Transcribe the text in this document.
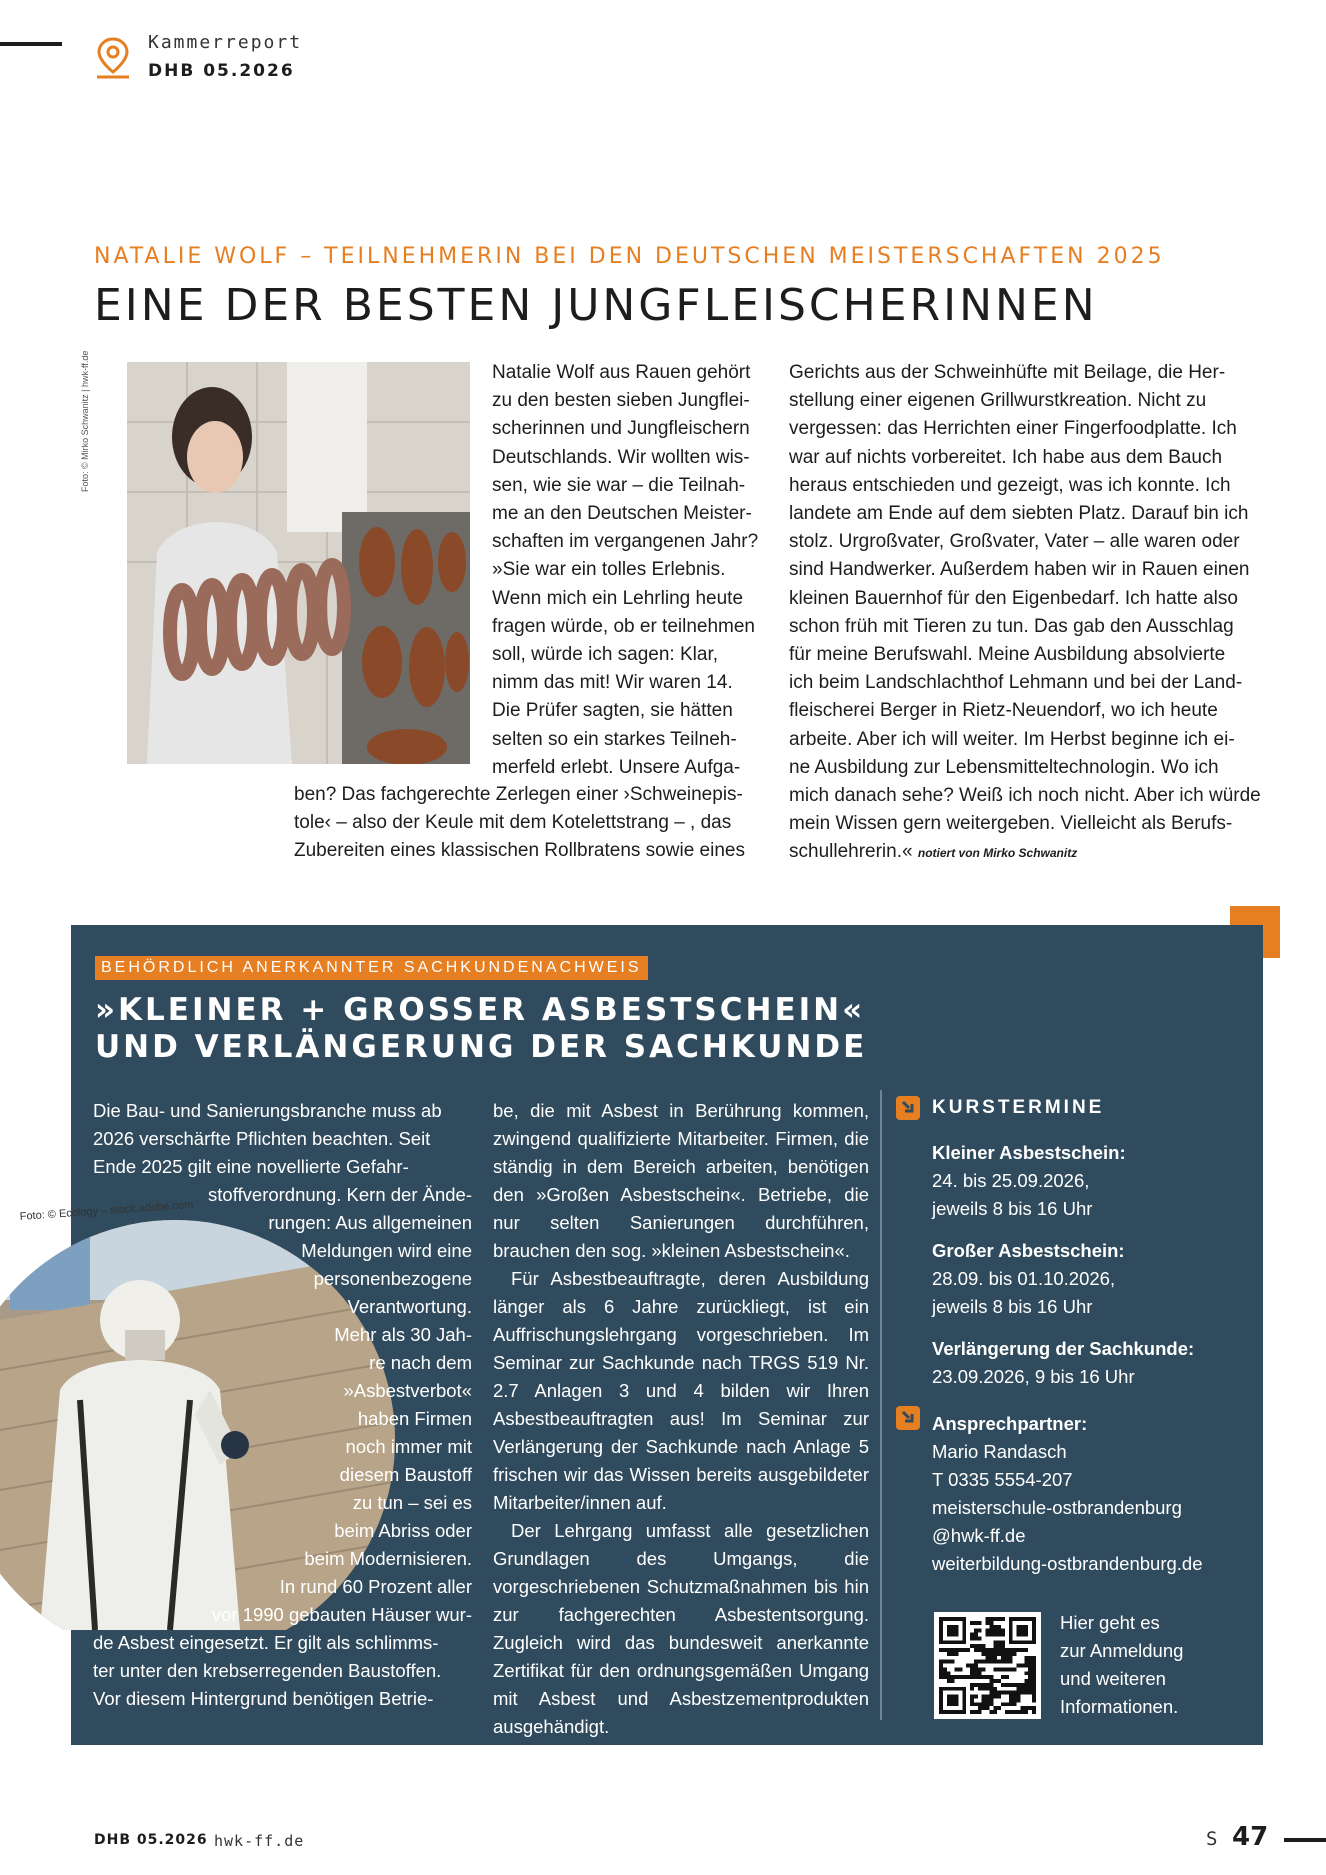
Kammerreport
DHB 05.2026
NATALIE WOLF – TEILNEHMERIN BEI DEN DEUTSCHEN MEISTERSCHAFTEN 2025
EINE DER BESTEN JUNGFLEISCHERINNEN
Foto: © Mirko Schwanitz | hwk-ff.de	Natalie Wolf aus Rauen gehört
zu den besten sieben Jungflei-
scherinnen und Jungfleischern
Deutschlands. Wir wollten wis-
sen, wie sie war – die Teilnah-
me an den Deutschen Meister-
schaften im vergangenen Jahr?
»Sie war ein tolles Erlebnis.
Wenn mich ein Lehrling heute
fragen würde, ob er teilnehmen
soll, würde ich sagen: Klar,
nimm das mit! Wir waren 14.
Die Prüfer sagten, sie hätten
selten so ein starkes Teilneh-
merfeld erlebt. Unsere Aufga-
ben? Das fachgerechte Zerlegen einer ›Schweinepis-
tole‹ – also der Keule mit dem Kotelettstrang – , das
Zubereiten eines klassischen Rollbratens sowie eines
Gerichts aus der Schweinhüfte mit Beilage, die Her-
stellung einer eigenen Grillwurstkreation. Nicht zu
vergessen: das Herrichten einer Fingerfoodplatte. Ich
war auf nichts vorbereitet. Ich habe aus dem Bauch
heraus entschieden und gezeigt, was ich konnte. Ich
landete am Ende auf dem siebten Platz. Darauf bin ich
stolz. Urgroßvater, Großvater, Vater – alle waren oder
sind Handwerker. Außerdem haben wir in Rauen einen
kleinen Bauernhof für den Eigenbedarf. Ich hatte also
schon früh mit Tieren zu tun. Das gab den Ausschlag
für meine Berufswahl. Meine Ausbildung absolvierte
ich beim Landschlachthof Lehmann und bei der Land-
fleischerei Berger in Rietz-Neuendorf, wo ich heute
arbeite. Aber ich will weiter. Im Herbst beginne ich ei-
ne Ausbildung zur Lebensmitteltechnologin. Wo ich
mich danach sehe? Weiß ich noch nicht. Aber ich würde
mein Wissen gern weitergeben. Vielleicht als Berufs-
schullehrerin.« notiert von Mirko Schwanitz
BEHÖRDLICH ANERKANNTER SACHKUNDENACHWEIS
»KLEINER + GROSSER ASBESTSCHEIN«
UND VERLÄNGERUNG DER SACHKUNDE
Die Bau- und Sanierungsbranche muss ab
2026 verschärfte Pflichten beachten. Seit
Ende 2025 gilt eine novellierte Gefahr-
Foto: © Ecology – stock.adobe.com
stoffverordnung. Kern der Ände-
rungen: Aus allgemeinen
Meldungen wird eine
personenbezogene
Verantwortung.
Mehr als 30 Jah-
re nach dem
»Asbestverbot«
haben Firmen
noch immer mit
diesem Baustoff
zu tun – sei es
beim Abriss oder
beim Modernisieren.
In rund 60 Prozent aller
vor 1990 gebauten Häuser wur-
de Asbest eingesetzt. Er gilt als schlimms-
ter unter den krebserregenden Baustoffen.
Vor diesem Hintergrund benötigen Betrie-

be, die mit Asbest in Berührung kommen, zwingend qualifizierte Mitarbeiter. Firmen, die ständig in dem Bereich arbeiten, benötigen den »Großen Asbestschein«. Betriebe, die nur selten Sanierungen durchführen, brauchen den sog. »kleinen Asbestschein«.

Für Asbestbeauftragte, deren Ausbildung länger als 6 Jahre zurückliegt, ist ein Auffrischungslehrgang vorgeschrieben. Im Seminar zur Sachkunde nach TRGS 519 Nr. 2.7 Anlagen 3 und 4 bilden wir Ihren Asbestbeauftragten aus! Im Seminar zur Verlängerung der Sachkunde nach Anlage 5 frischen wir das Wissen bereits ausgebildeter Mitarbeiter/innen auf.

Der Lehrgang umfasst alle gesetzlichen Grundlagen des Umgangs, die vorgeschriebenen Schutzmaßnahmen bis hin zur fachgerechten Asbestentsorgung. Zugleich wird das bundesweit anerkannte Zertifikat für den ordnungsgemäßen Umgang mit Asbest und Asbestzementprodukten ausgehändigt.

KURSTERMINE
Kleiner Asbestschein:
24. bis 25.09.2026,
jeweils 8 bis 16 Uhr
Großer Asbestschein:
28.09. bis 01.10.2026,
jeweils 8 bis 16 Uhr
Verlängerung der Sachkunde:
23.09.2026, 9 bis 16 Uhr
Ansprechpartner:
Mario Randasch
T 0335 5554-207
meisterschule-ostbrandenburg
@hwk-ff.de
weiterbildung-ostbrandenburg.de
Hier geht es
zur Anmeldung
und weiteren
Informationen.
DHB 05.2026 hwk-ff.de	S 47
